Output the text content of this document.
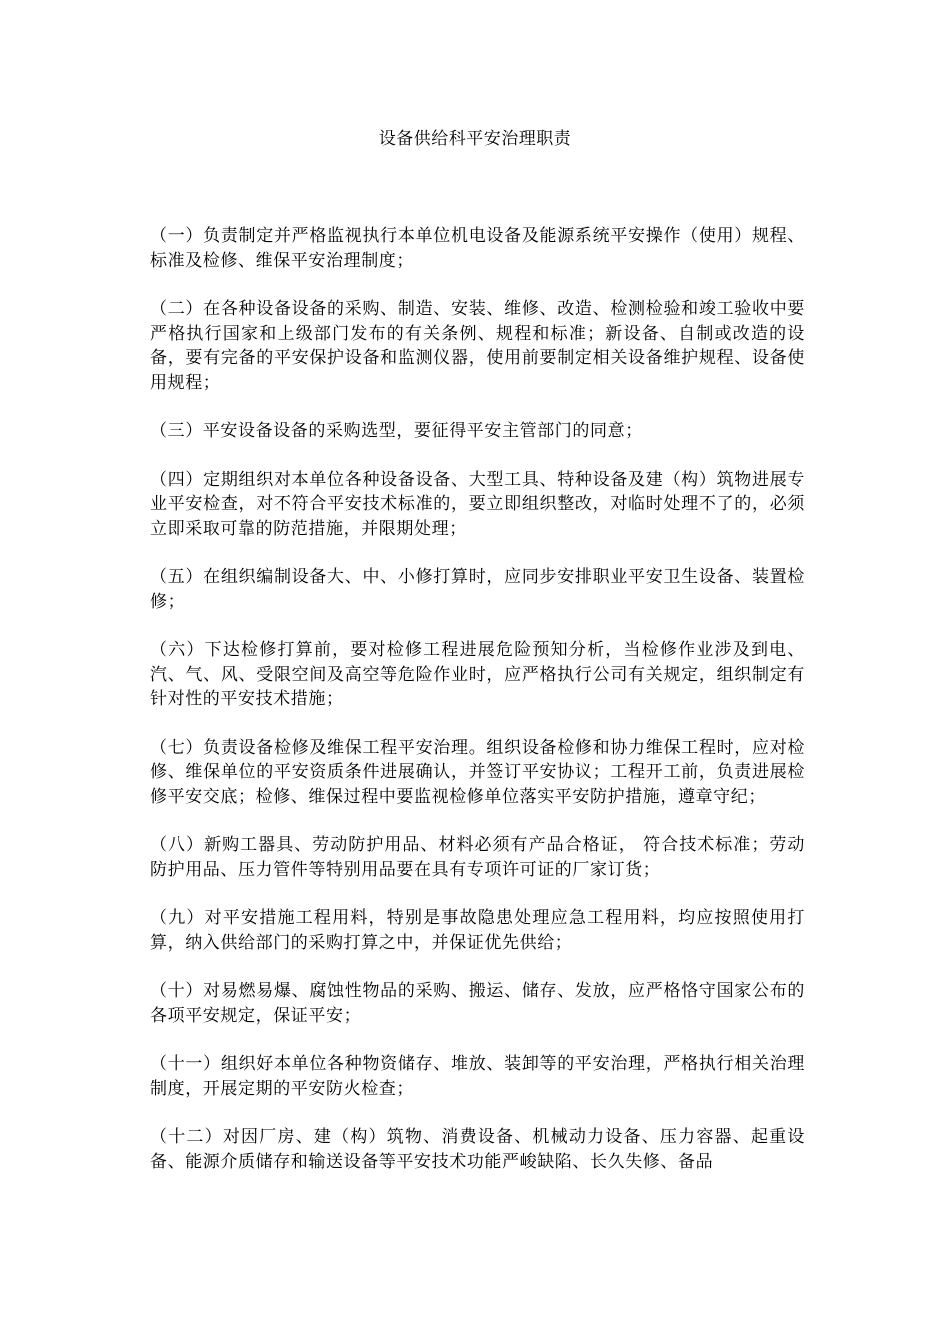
设备供给科平安治理职责

（一）负责制定并严格监视执行本单位机电设备及能源系统平安操作（使用）规程、标准及检修、维保平安治理制度；

（二）在各种设备设备的采购、制造、安装、维修、改造、检测检验和竣工验收中要严格执行国家和上级部门发布的有关条例、规程和标准；新设备、自制或改造的设备，要有完备的平安保护设备和监测仪器，使用前要制定相关设备维护规程、设备使用规程；

（三）平安设备设备的采购选型，要征得平安主管部门的同意；

（四）定期组织对本单位各种设备设备、大型工具、特种设备及建（构）筑物进展专业平安检查，对不符合平安技术标准的，要立即组织整改，对临时处理不了的，必须立即采取可靠的防范措施，并限期处理；

（五）在组织编制设备大、中、小修打算时，应同步安排职业平安卫生设备、装置检修；

（六）下达检修打算前，要对检修工程进展危险预知分析，当检修作业涉及到电、汽、气、风、受限空间及高空等危险作业时，应严格执行公司有关规定，组织制定有针对性的平安技术措施；

（七）负责设备检修及维保工程平安治理。组织设备检修和协力维保工程时，应对检修、维保单位的平安资质条件进展确认，并签订平安协议；工程开工前，负责进展检修平安交底；检修、维保过程中要监视检修单位落实平安防护措施，遵章守纪；

（八）新购工器具、劳动防护用品、材料必须有产品合格证， 符合技术标准；劳动防护用品、压力管件等特别用品要在具有专项许可证的厂家订货；

（九）对平安措施工程用料，特别是事故隐患处理应急工程用料，均应按照使用打算，纳入供给部门的采购打算之中，并保证优先供给；

（十）对易燃易爆、腐蚀性物品的采购、搬运、储存、发放，应严格恪守国家公布的各项平安规定，保证平安；

（十一）组织好本单位各种物资储存、堆放、装卸等的平安治理，严格执行相关治理制度，开展定期的平安防火检查；

（十二）对因厂房、建（构）筑物、消费设备、机械动力设备、压力容器、起重设备、能源介质储存和输送设备等平安技术功能严峻缺陷、长久失修、备品
